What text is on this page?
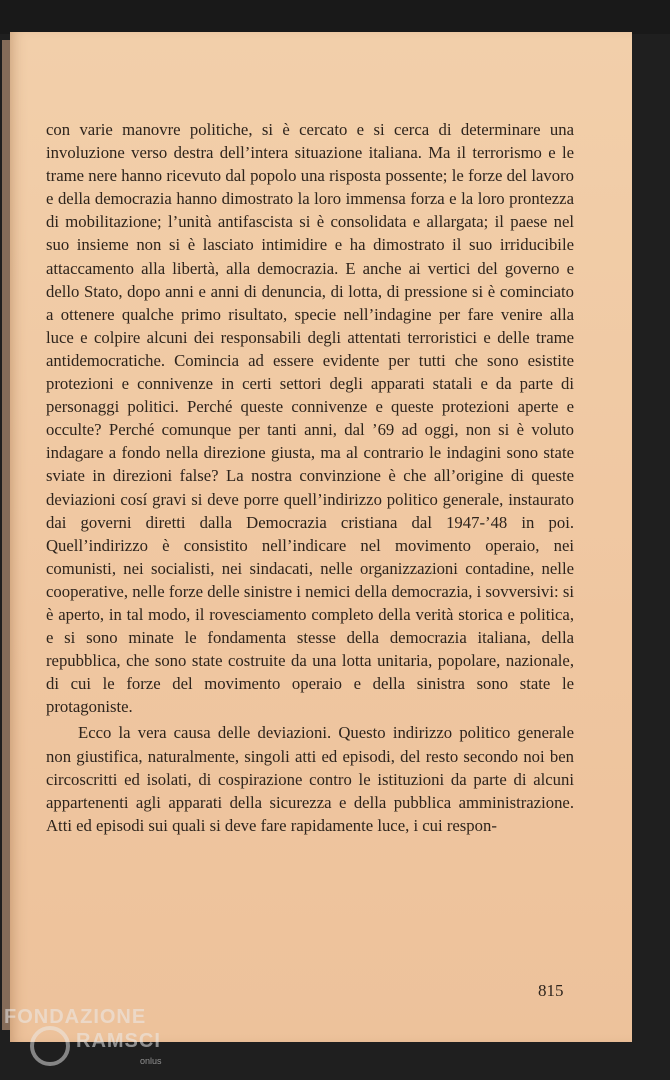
con varie manovre politiche, si è cercato e si cerca di determinare una involuzione verso destra dell’intera situazione italiana. Ma il terrorismo e le trame nere hanno ricevuto dal popolo una risposta possente; le forze del lavoro e della democrazia hanno dimostrato la loro immensa forza e la loro prontezza di mobilitazione; l’unità antifascista si è consolidata e allargata; il paese nel suo insieme non si è lasciato intimidire e ha dimostrato il suo irriducibile attaccamento alla libertà, alla democrazia. E anche ai vertici del governo e dello Stato, dopo anni e anni di denuncia, di lotta, di pressione si è cominciato a ottenere qualche primo risultato, specie nell’indagine per fare venire alla luce e colpire alcuni dei responsabili degli attentati terroristici e delle trame antidemocratiche. Comincia ad essere evidente per tutti che sono esistite protezioni e connivenze in certi settori degli apparati statali e da parte di personaggi politici. Perché queste connivenze e queste protezioni aperte e occulte? Perché comunque per tanti anni, dal ’69 ad oggi, non si è voluto indagare a fondo nella direzione giusta, ma al contrario le indagini sono state sviate in direzioni false? La nostra convinzione è che all’origine di queste deviazioni cosí gravi si deve porre quell’indirizzo politico generale, instaurato dai governi diretti dalla Democrazia cristiana dal 1947-’48 in poi. Quell’indirizzo è consistito nell’indicare nel movimento operaio, nei comunisti, nei socialisti, nei sindacati, nelle organizzazioni contadine, nelle cooperative, nelle forze delle sinistre i nemici della democrazia, i sovversivi: si è aperto, in tal modo, il rovesciamento completo della verità storica e politica, e si sono minate le fondamenta stesse della democrazia italiana, della repubblica, che sono state costruite da una lotta unitaria, popolare, nazionale, di cui le forze del movimento operaio e della sinistra sono state le protagoniste.

Ecco la vera causa delle deviazioni. Questo indirizzo politico generale non giustifica, naturalmente, singoli atti ed episodi, del resto secondo noi ben circoscritti ed isolati, di cospirazione contro le istituzioni da parte di alcuni appartenenti agli apparati della sicurezza e della pubblica amministrazione. Atti ed episodi sui quali si deve fare rapidamente luce, i cui respon-

815
FONDAZIONE
RAMSCI
onlus
